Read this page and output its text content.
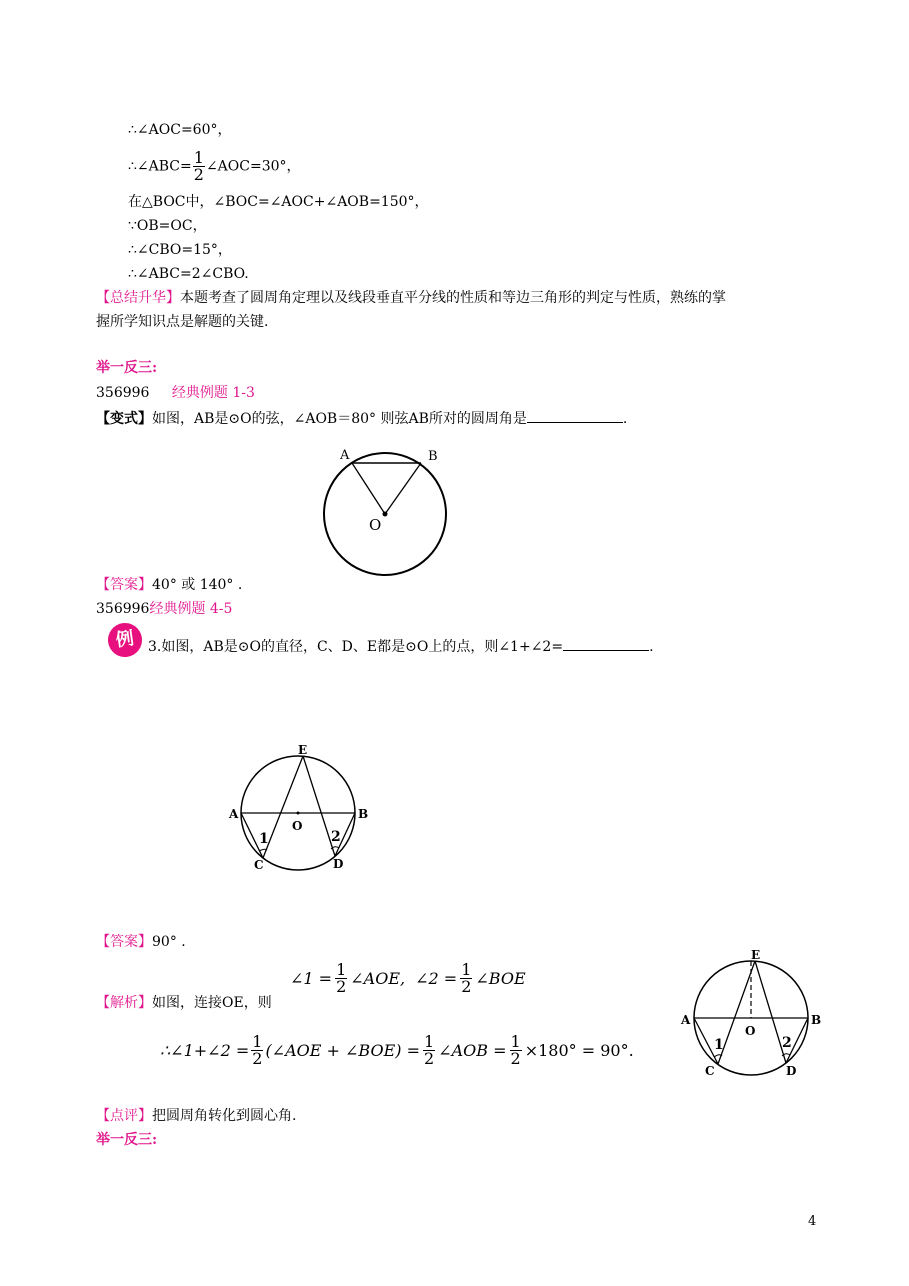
∴∠AOC=60°，
∴∠ABC= $\frac{1}{2}$ ∠AOC=30°，
在△BOC中，∠BOC=∠AOC+∠AOB=150°，
∵OB=OC，
∴∠CBO=15°，
∴∠ABC=2∠CBO.
【总结升华】本题考查了圆周角定理以及线段垂直平分线的性质和等边三角形的判定与性质，熟练的掌
握所学知识点是解题的关键.
举一反三:
356996 经典例题 1-3
【变式】如图，AB是⊙O的弦，∠AOB＝80° 则弦AB所对的圆周角是	.
A	B
O
【答案】40° 或 140° .
356996经典例题 4-5
例 3.如图，AB是⊙O的直径，C、D、E都是⊙O上的点，则∠1+∠2=	.
E
A	B
O
1	2
C	D
【答案】90° .
∠1 = $\frac{1}{2}$ ∠AOE, ∠2 = $\frac{1}{2}$ ∠BOE
【解析】如图，连接OE，则
∴∠1+∠2 = $\frac{1}{2}$ (∠AOE + ∠BOE) = $\frac{1}{2}$ ∠AOB = $\frac{1}{2} \times 180^\circ = 90^\circ$.
E
A	B
O
1	2
C	D
【点评】把圆周角转化到圆心角.
举一反三:
4
